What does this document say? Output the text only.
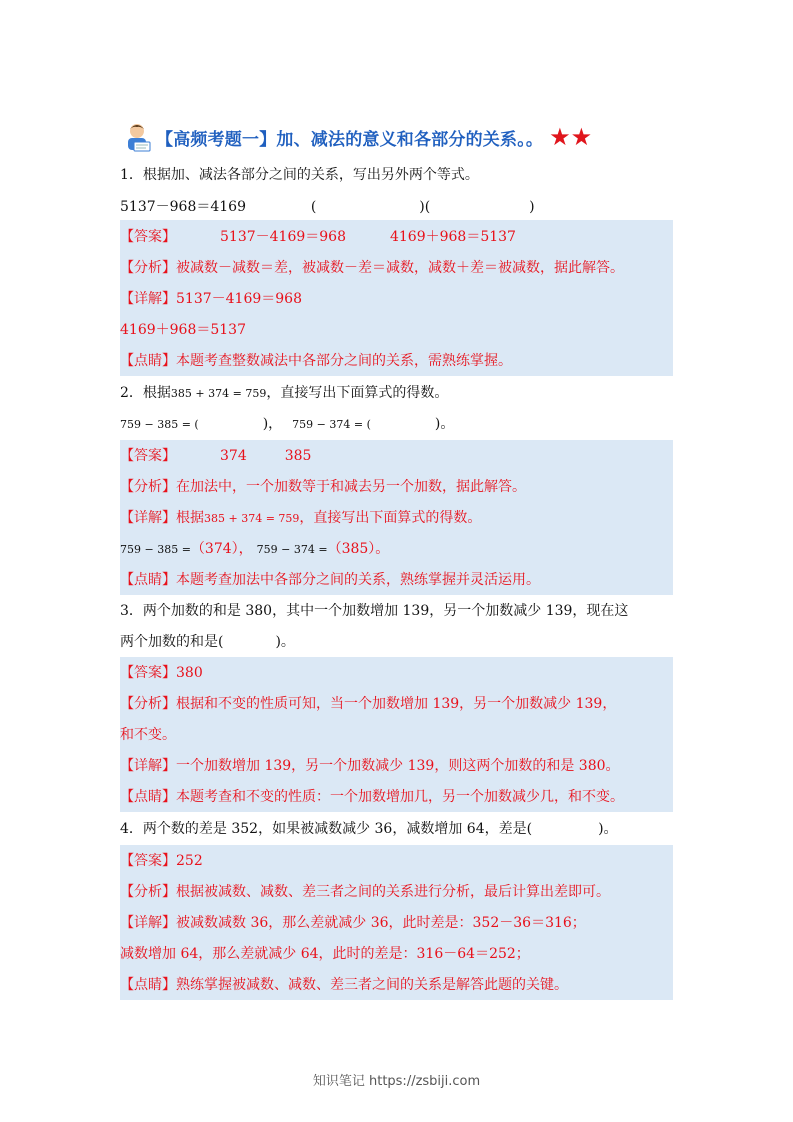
【高频考题一】加、减法的意义和各部分的关系。。 ★★
1．根据加、减法各部分之间的关系，写出另外两个等式。
5137－968＝4169	(	)(	)
【答案】	5137－4169＝968	4169＋968＝5137
【分析】被减数－减数＝差，被减数－差＝减数，减数＋差＝被减数，据此解答。
【详解】5137－4169＝968
4169＋968＝5137
【点睛】本题考查整数减法中各部分之间的关系，需熟练掌握。
2．根据385 + 374 = 759，直接写出下面算式的得数。
759 − 385 = (	)， 759 − 374 = (	)。
【答案】	374	385
【分析】在加法中，一个加数等于和减去另一个加数，据此解答。
【详解】根据385 + 374 = 759，直接写出下面算式的得数。
759 − 385 =（374）， 759 − 374 =（385）。
【点睛】本题考查加法中各部分之间的关系，熟练掌握并灵活运用。
3．两个加数的和是 380，其中一个加数增加 139，另一个加数减少 139，现在这
两个加数的和是(	)。
【答案】380
【分析】根据和不变的性质可知，当一个加数增加 139，另一个加数减少 139，
和不变。
【详解】一个加数增加 139，另一个加数减少 139，则这两个加数的和是 380。
【点睛】本题考查和不变的性质：一个加数增加几，另一个加数减少几，和不变。
4．两个数的差是 352，如果被减数减少 36，减数增加 64，差是(	)。
【答案】252
【分析】根据被减数、减数、差三者之间的关系进行分析，最后计算出差即可。
【详解】被减数减数 36，那么差就减少 36，此时差是：352－36＝316；
减数增加 64，那么差就减少 64，此时的差是：316－64＝252；
【点睛】熟练掌握被减数、减数、差三者之间的关系是解答此题的关键。
知识笔记 https://zsbiji.com
